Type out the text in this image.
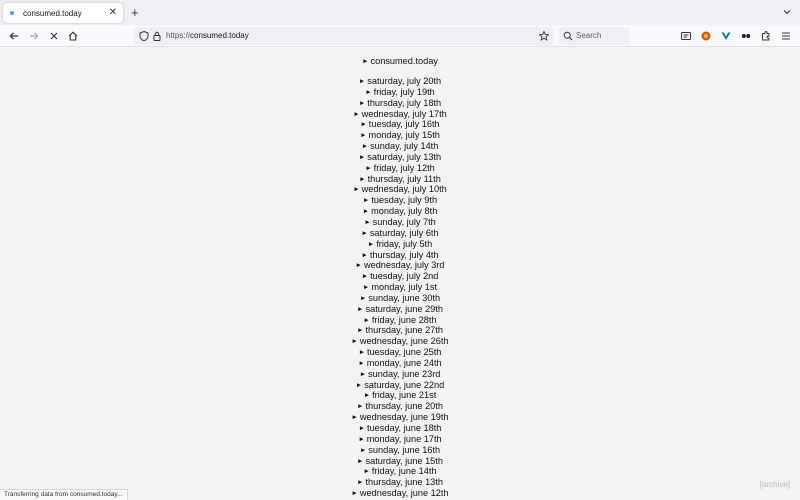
consumed.today	✕ +
https://consumed.today	Search
► consumed.today
► saturday, july 20th
► friday, july 19th
► thursday, july 18th
► wednesday, july 17th
► tuesday, july 16th
► monday, july 15th
► sunday, july 14th
► saturday, july 13th
► friday, july 12th
► thursday, july 11th
► wednesday, july 10th
► tuesday, july 9th
► monday, july 8th
► sunday, july 7th
► saturday, july 6th
► friday, july 5th
► thursday, july 4th
► wednesday, july 3rd
► tuesday, july 2nd
► monday, july 1st
► sunday, june 30th
► saturday, june 29th
► friday, june 28th
► thursday, june 27th
► wednesday, june 26th
► tuesday, june 25th
► monday, june 24th
► sunday, june 23rd
► saturday, june 22nd
► friday, june 21st
► thursday, june 20th
► wednesday, june 19th
► tuesday, june 18th
► monday, june 17th
► sunday, june 16th
► saturday, june 15th
► friday, june 14th
► thursday, june 13th
► wednesday, june 12th
[archive]
Transferring data from consumed.today...
